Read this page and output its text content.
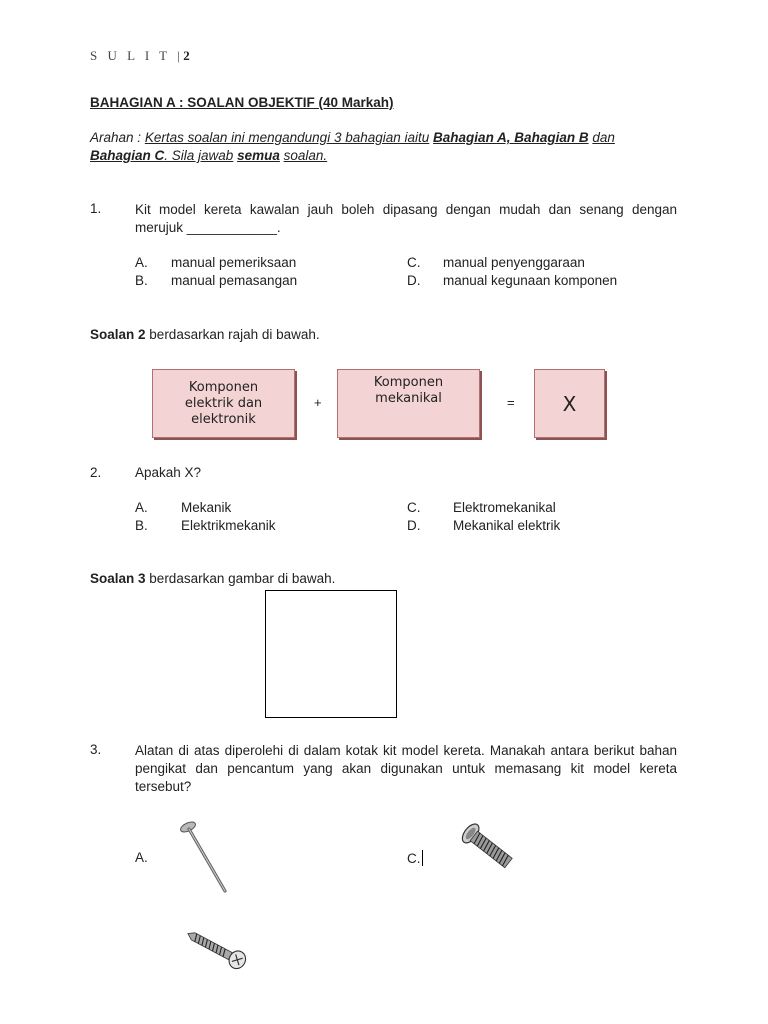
S U L I T |2
BAHAGIAN A : SOALAN OBJEKTIF (40 Markah)
Arahan : Kertas soalan ini mengandungi 3 bahagian iaitu Bahagian A, Bahagian B dan Bahagian C. Sila jawab semua soalan.
1. Kit model kereta kawalan jauh boleh dipasang dengan mudah dan senang dengan merujuk ____________.
A. manual pemeriksaan
B. manual pemasangan
C. manual penyenggaraan
D. manual kegunaan komponen
Soalan 2 berdasarkan rajah di bawah.
Komponen elektrik dan elektronik
+
Komponen mekanikal	= X
2. Apakah X?
A. Mekanik
B. Elektrikmekanik
C. Elektromekanikal
D. Mekanikal elektrik
Soalan 3 berdasarkan gambar di bawah.
3. Alatan di atas diperolehi di dalam kotak kit model kereta. Manakah antara berikut bahan pengikat dan pencantum yang akan digunakan untuk memasang kit model kereta tersebut?
A.	C.
